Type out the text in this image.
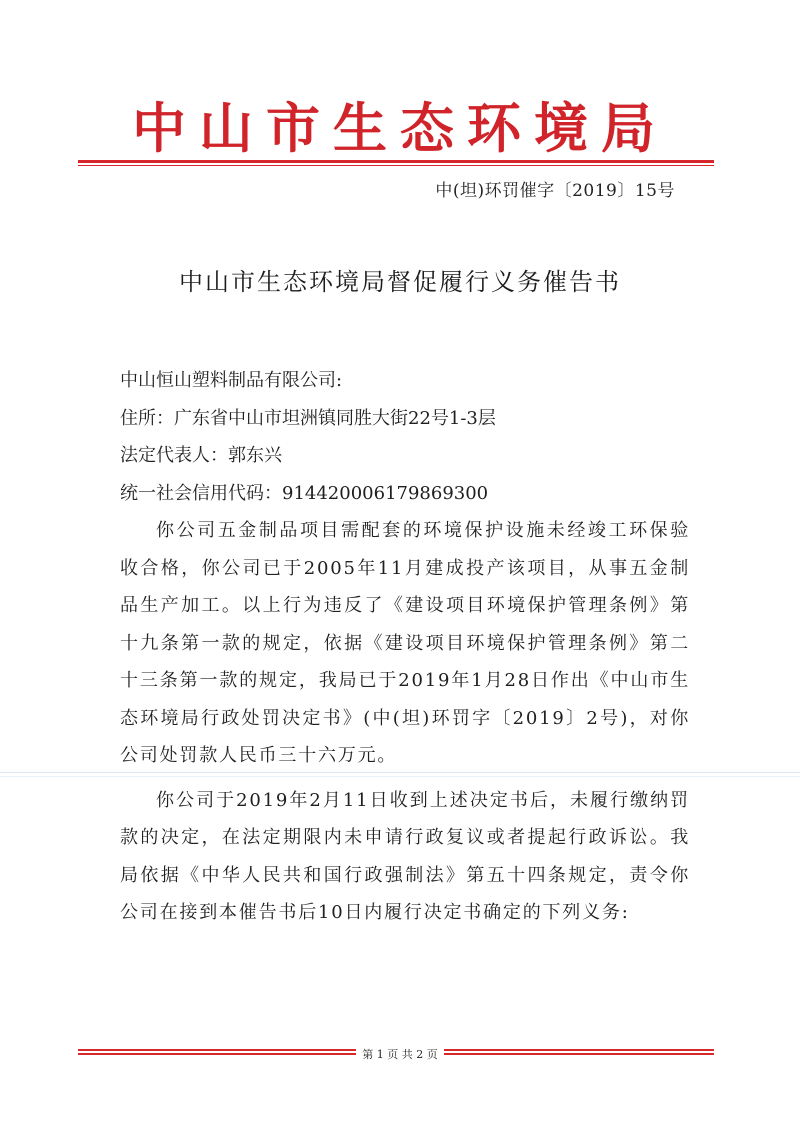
中山市生态环境局
中(坦)环罚催字〔2019〕15号
中山市生态环境局督促履行义务催告书
中山恒山塑料制品有限公司:
住所：广东省中山市坦洲镇同胜大街22号1-3层
法定代表人：郭东兴
统一社会信用代码：914420006179869300

你公司五金制品项目需配套的环境保护设施未经竣工环保验收合格，你公司已于2005年11月建成投产该项目，从事五金制品生产加工。以上行为违反了《建设项目环境保护管理条例》第十九条第一款的规定，依据《建设项目环境保护管理条例》第二十三条第一款的规定，我局已于2019年1月28日作出《中山市生态环境局行政处罚决定书》(中(坦)环罚字〔2019〕2号)，对你公司处罚款人民币三十六万元。

你公司于2019年2月11日收到上述决定书后，未履行缴纳罚款的决定，在法定期限内未申请行政复议或者提起行政诉讼。我局依据《中华人民共和国行政强制法》第五十四条规定，责令你公司在接到本催告书后10日内履行决定书确定的下列义务:

第 1 页 共 2 页
